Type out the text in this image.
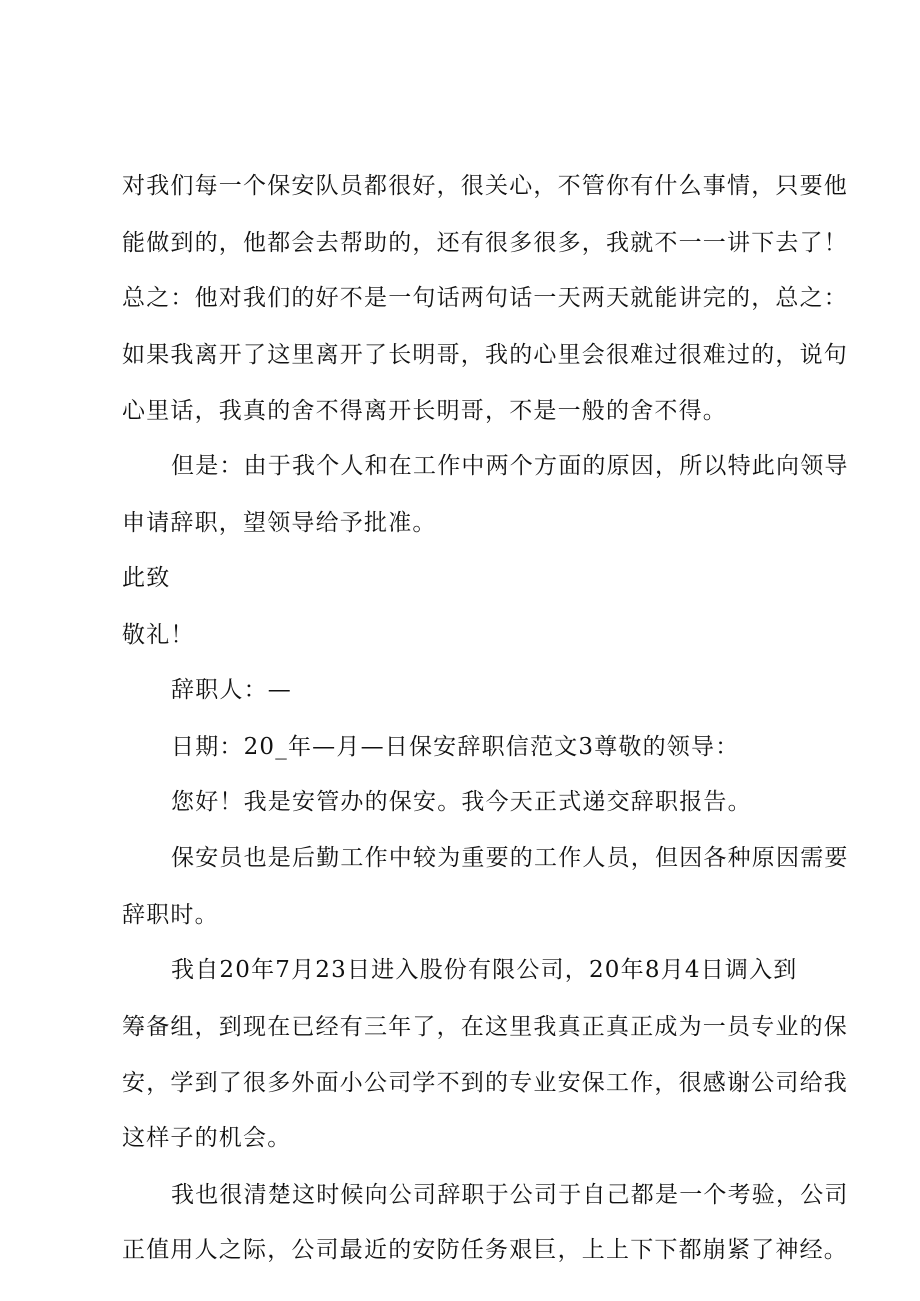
对我们每一个保安队员都很好，很关心，不管你有什么事情，只要他
能做到的，他都会去帮助的，还有很多很多，我就不一一讲下去了！
总之：他对我们的好不是一句话两句话一天两天就能讲完的，总之：
如果我离开了这里离开了长明哥，我的心里会很难过很难过的，说句
心里话，我真的舍不得离开长明哥，不是一般的舍不得。
但是：由于我个人和在工作中两个方面的原因，所以特此向领导
申请辞职，望领导给予批准。
此致
敬礼！
辞职人：—
日期：20_年—月—日保安辞职信范文3尊敬的领导：
您好！我是安管办的保安。我今天正式递交辞职报告。
保安员也是后勤工作中较为重要的工作人员，但因各种原因需要
辞职时。
我自20年7月23日进入股份有限公司，20年8月4日调入到
筹备组，到现在已经有三年了，在这里我真正真正成为一员专业的保
安，学到了很多外面小公司学不到的专业安保工作，很感谢公司给我
这样子的机会。
我也很清楚这时候向公司辞职于公司于自己都是一个考验，公司
正值用人之际，公司最近的安防任务艰巨，上上下下都崩紧了神经。
